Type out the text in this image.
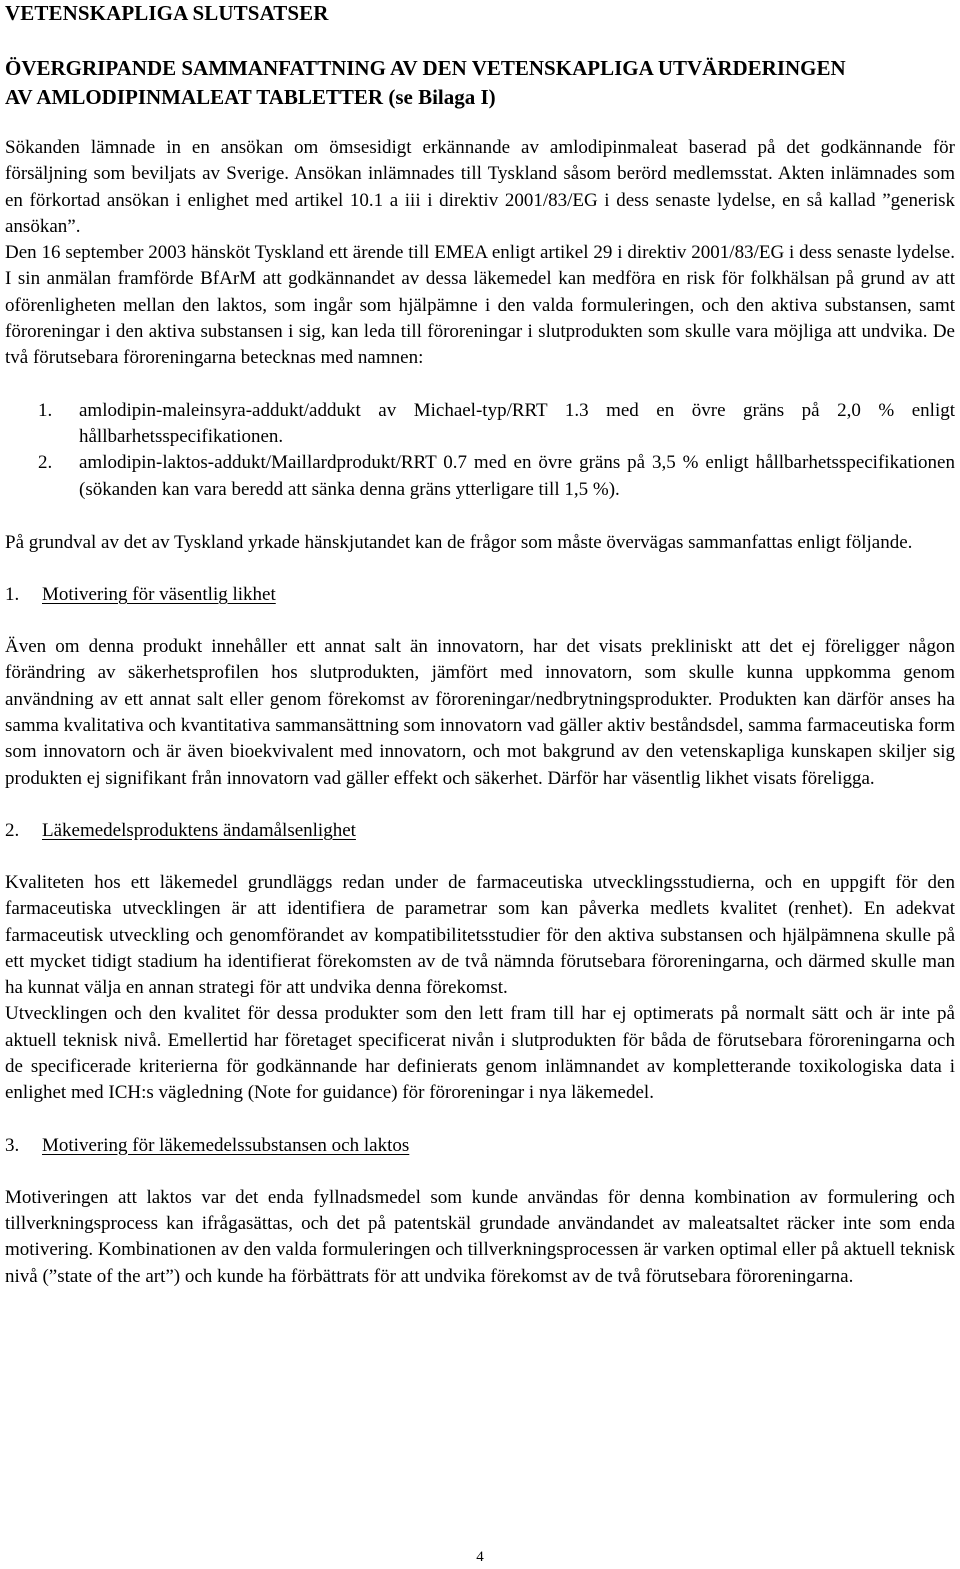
VETENSKAPLIGA SLUTSATSER
ÖVERGRIPANDE SAMMANFATTNING AV DEN VETENSKAPLIGA UTVÄRDERINGEN
AV AMLODIPINMALEAT TABLETTER (se Bilaga I)

Sökanden lämnade in en ansökan om ömsesidigt erkännande av amlodipinmaleat baserad på det godkännande för försäljning som beviljats av Sverige. Ansökan inlämnades till Tyskland såsom berörd medlemsstat. Akten inlämnades som en förkortad ansökan i enlighet med artikel 10.1 a iii i direktiv 2001/83/EG i dess senaste lydelse, en så kallad ”generisk ansökan”.

Den 16 september 2003 hänsköt Tyskland ett ärende till EMEA enligt artikel 29 i direktiv 2001/83/EG i dess senaste lydelse. I sin anmälan framförde BfArM att godkännandet av dessa läkemedel kan medföra en risk för folkhälsan på grund av att oförenligheten mellan den laktos, som ingår som hjälpämne i den valda formuleringen, och den aktiva substansen, samt föroreningar i den aktiva substansen i sig, kan leda till föroreningar i slutprodukten som skulle vara möjliga att undvika. De två förutsebara föroreningarna betecknas med namnen:

1. amlodipin-maleinsyra-addukt/addukt av Michael-typ/RRT 1.3 med en övre gräns på 2,0 % enligt hållbarhetsspecifikationen.
2. amlodipin-laktos-addukt/Maillardprodukt/RRT 0.7 med en övre gräns på 3,5 % enligt hållbarhetsspecifikationen (sökanden kan vara beredd att sänka denna gräns ytterligare till 1,5 %).

På grundval av det av Tyskland yrkade hänskjutandet kan de frågor som måste övervägas sammanfattas enligt följande.

1. Motivering för väsentlig likhet

Även om denna produkt innehåller ett annat salt än innovatorn, har det visats prekliniskt att det ej föreligger någon förändring av säkerhetsprofilen hos slutprodukten, jämfört med innovatorn, som skulle kunna uppkomma genom användning av ett annat salt eller genom förekomst av föroreningar/nedbrytningsprodukter. Produkten kan därför anses ha samma kvalitativa och kvantitativa sammansättning som innovatorn vad gäller aktiv beståndsdel, samma farmaceutiska form som innovatorn och är även bioekvivalent med innovatorn, och mot bakgrund av den vetenskapliga kunskapen skiljer sig produkten ej signifikant från innovatorn vad gäller effekt och säkerhet. Därför har väsentlig likhet visats föreligga.

2. Läkemedelsproduktens ändamålsenlighet

Kvaliteten hos ett läkemedel grundläggs redan under de farmaceutiska utvecklingsstudierna, och en uppgift för den farmaceutiska utvecklingen är att identifiera de parametrar som kan påverka medlets kvalitet (renhet). En adekvat farmaceutisk utveckling och genomförandet av kompatibilitetsstudier för den aktiva substansen och hjälpämnena skulle på ett mycket tidigt stadium ha identifierat förekomsten av de två nämnda förutsebara föroreningarna, och därmed skulle man ha kunnat välja en annan strategi för att undvika denna förekomst.

Utvecklingen och den kvalitet för dessa produkter som den lett fram till har ej optimerats på normalt sätt och är inte på aktuell teknisk nivå. Emellertid har företaget specificerat nivån i slutprodukten för båda de förutsebara föroreningarna och de specificerade kriterierna för godkännande har definierats genom inlämnandet av kompletterande toxikologiska data i enlighet med ICH:s vägledning (Note for guidance) för föroreningar i nya läkemedel.

3. Motivering för läkemedelssubstansen och laktos

Motiveringen att laktos var det enda fyllnadsmedel som kunde användas för denna kombination av formulering och tillverkningsprocess kan ifrågasättas, och det på patentskäl grundade användandet av maleatsaltet räcker inte som enda motivering. Kombinationen av den valda formuleringen och tillverkningsprocessen är varken optimal eller på aktuell teknisk nivå (”state of the art”) och kunde ha förbättrats för att undvika förekomst av de två förutsebara föroreningarna.

4
